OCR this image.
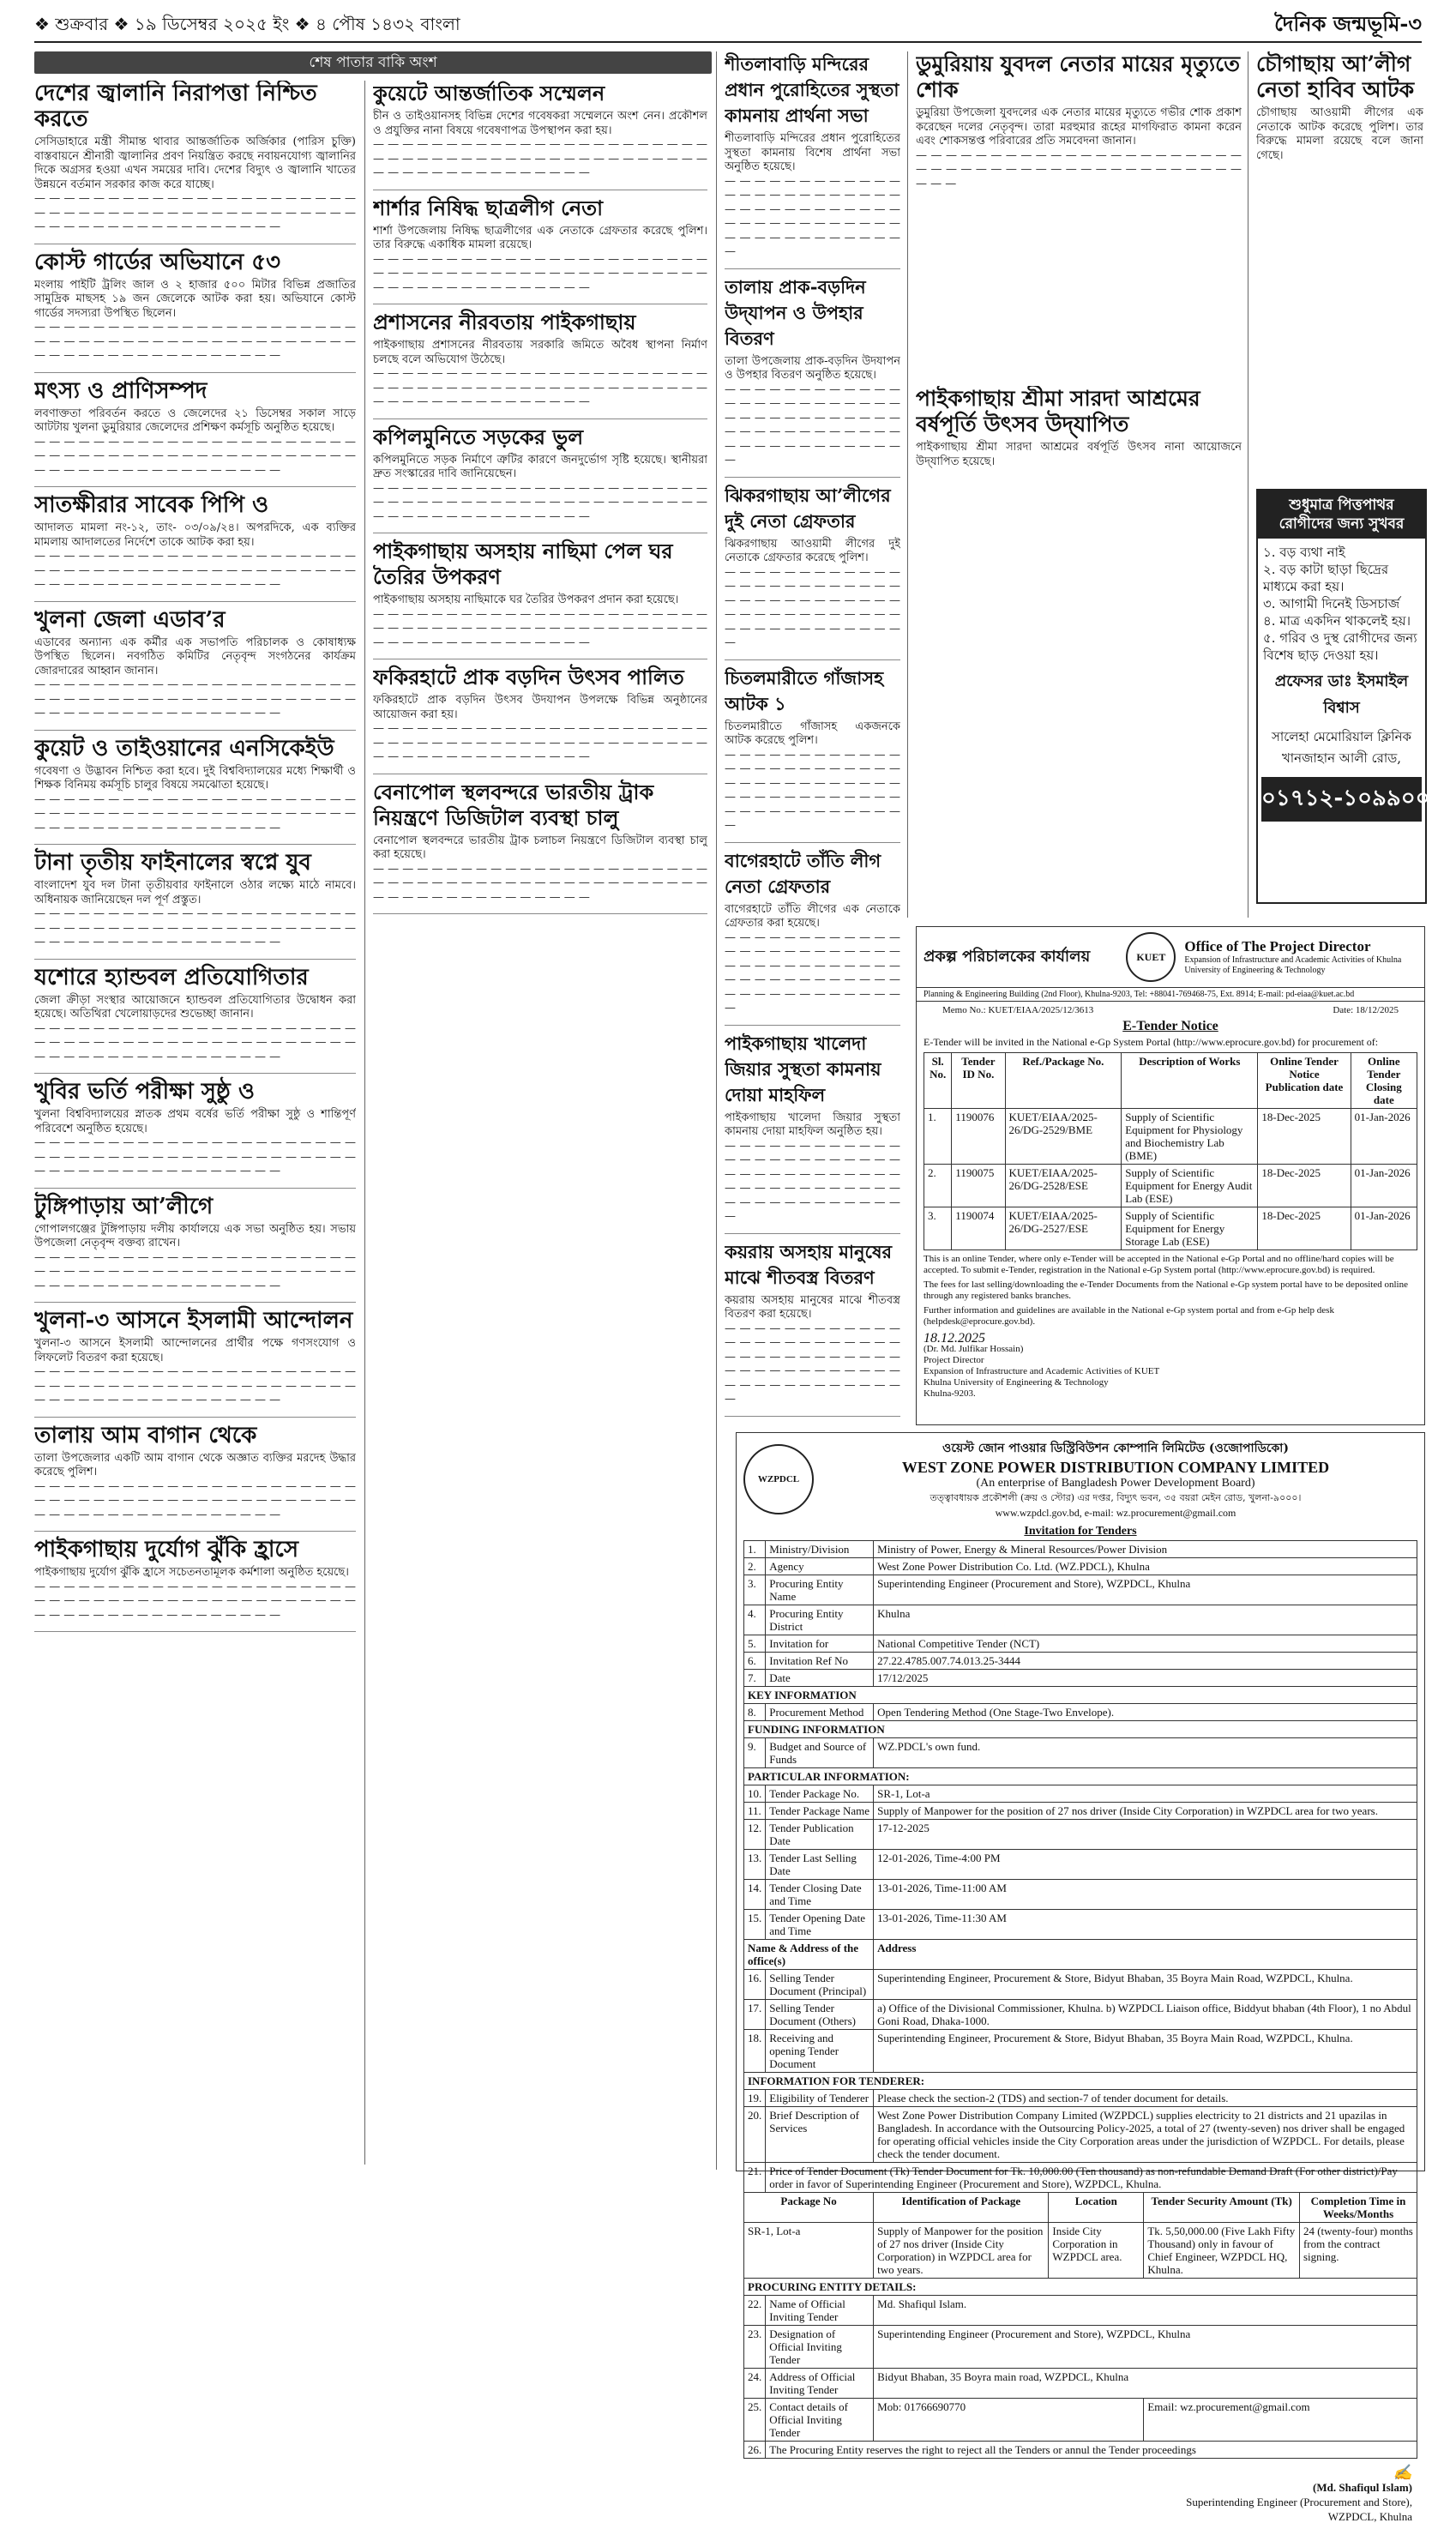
❖ শুক্রবার ❖ ১৯ ডিসেম্বর ২০২৫ ইং ❖ ৪ পৌষ ১৪৩২ বাংলা	দৈনিক জন্মভূমি-৩
শেষ পাতার বাকি অংশ
দেশের জ্বালানি নিরাপত্তা নিশ্চিত করতে

সেসিডাহারে মন্ত্রী সীমান্ত থাবার আন্তর্জাতিক অর্জিকার (পারিস চুক্তি) বাস্তবায়নে শ্রীনারী জ্বালানির প্রবণ নিয়ন্ত্রিত করছে নবায়নযোগ্য জ্বালানির দিকে অগ্রসর হওয়া এখন সময়ের দাবি। দেশের বিদ্যুৎ ও জ্বালানি খাতের উন্নয়নে বর্তমান সরকার কাজ করে যাচ্ছে।

— — — — — — — — — — — — — — — — — — — — — — — — — — — — — — — — — — — — — — — — — — — — — — — — — — — — — — — — — — — — —
কোস্ট গার্ডের অভিযানে ৫৩

মংলায় পাইটি ট্রলিং জাল ও ২ হাজার ৫০০ মিটার বিভিন্ন প্রজাতির সামুদ্রিক মাছসহ ১৯ জন জেলেকে আটক করা হয়। অভিযানে কোস্ট গার্ডের সদস্যরা উপস্থিত ছিলেন।

— — — — — — — — — — — — — — — — — — — — — — — — — — — — — — — — — — — — — — — — — — — — — — — — — — — — — — — — — — — — —
মৎস্য ও প্রাণিসম্পদ

লবণাক্ততা পরিবর্তন করতে ও জেলেদের ২১ ডিসেম্বর সকাল সাড়ে আটটায় খুলনা ডুমুরিয়ার জেলেদের প্রশিক্ষণ কর্মসূচি অনুষ্ঠিত হয়েছে।

— — — — — — — — — — — — — — — — — — — — — — — — — — — — — — — — — — — — — — — — — — — — — — — — — — — — — — — — — — — — —
সাতক্ষীরার সাবেক পিপি ও

আদালত মামলা নং-১২, তাং- ০৩/০৯/২৪। অপরদিকে, এক ব্যক্তির মামলায় আদালতের নির্দেশে তাকে আটক করা হয়।

— — — — — — — — — — — — — — — — — — — — — — — — — — — — — — — — — — — — — — — — — — — — — — — — — — — — — — — — — — — — —
খুলনা জেলা এডাব’র

এডাবের অন্যান্য এক কর্মীর এক সভাপতি পরিচালক ও কোষাধ্যক্ষ উপস্থিত ছিলেন। নবগঠিত কমিটির নেতৃবৃন্দ সংগঠনের কার্যক্রম জোরদারের আহ্বান জানান।

— — — — — — — — — — — — — — — — — — — — — — — — — — — — — — — — — — — — — — — — — — — — — — — — — — — — — — — — — — — — —
কুয়েট ও তাইওয়ানের এনসিকেইউ

গবেষণা ও উদ্ভাবন নিশ্চিত করা হবে। দুই বিশ্ববিদ্যালয়ের মধ্যে শিক্ষার্থী ও শিক্ষক বিনিময় কর্মসূচি চালুর বিষয়ে সমঝোতা হয়েছে।

— — — — — — — — — — — — — — — — — — — — — — — — — — — — — — — — — — — — — — — — — — — — — — — — — — — — — — — — — — — — —
টানা তৃতীয় ফাইনালের স্বপ্নে যুব

বাংলাদেশ যুব দল টানা তৃতীয়বার ফাইনালে ওঠার লক্ষ্যে মাঠে নামবে। অধিনায়ক জানিয়েছেন দল পূর্ণ প্রস্তুত।

— — — — — — — — — — — — — — — — — — — — — — — — — — — — — — — — — — — — — — — — — — — — — — — — — — — — — — — — — — — — —
যশোরে হ্যান্ডবল প্রতিযোগিতার

জেলা ক্রীড়া সংস্থার আয়োজনে হ্যান্ডবল প্রতিযোগিতার উদ্বোধন করা হয়েছে। অতিথিরা খেলোয়াড়দের শুভেচ্ছা জানান।

— — — — — — — — — — — — — — — — — — — — — — — — — — — — — — — — — — — — — — — — — — — — — — — — — — — — — — — — — — — — —
খুবির ভর্তি পরীক্ষা সুষ্ঠু ও

খুলনা বিশ্ববিদ্যালয়ের স্নাতক প্রথম বর্ষের ভর্তি পরীক্ষা সুষ্ঠু ও শান্তিপূর্ণ পরিবেশে অনুষ্ঠিত হয়েছে।

— — — — — — — — — — — — — — — — — — — — — — — — — — — — — — — — — — — — — — — — — — — — — — — — — — — — — — — — — — — — —
টুঙ্গিপাড়ায় আ’লীগে

গোপালগঞ্জের টুঙ্গিপাড়ায় দলীয় কার্যালয়ে এক সভা অনুষ্ঠিত হয়। সভায় উপজেলা নেতৃবৃন্দ বক্তব্য রাখেন।

— — — — — — — — — — — — — — — — — — — — — — — — — — — — — — — — — — — — — — — — — — — — — — — — — — — — — — — — — — — — —
খুলনা-৩ আসনে ইসলামী আন্দোলন

খুলনা-৩ আসনে ইসলামী আন্দোলনের প্রার্থীর পক্ষে গণসংযোগ ও লিফলেট বিতরণ করা হয়েছে।

— — — — — — — — — — — — — — — — — — — — — — — — — — — — — — — — — — — — — — — — — — — — — — — — — — — — — — — — — — — — —
তালায় আম বাগান থেকে

তালা উপজেলার একটি আম বাগান থেকে অজ্ঞাত ব্যক্তির মরদেহ উদ্ধার করেছে পুলিশ।

— — — — — — — — — — — — — — — — — — — — — — — — — — — — — — — — — — — — — — — — — — — — — — — — — — — — — — — — — — — — —
পাইকগাছায় দুর্যোগ ঝুঁকি হ্রাসে

পাইকগাছায় দুর্যোগ ঝুঁকি হ্রাসে সচেতনতামূলক কর্মশালা অনুষ্ঠিত হয়েছে।

— — — — — — — — — — — — — — — — — — — — — — — — — — — — — — — — — — — — — — — — — — — — — — — — — — — — — — — — — — — — —
কুয়েটে আন্তর্জাতিক সম্মেলন

চীন ও তাইওয়ানসহ বিভিন্ন দেশের গবেষকরা সম্মেলনে অংশ নেন। প্রকৌশল ও প্রযুক্তির নানা বিষয়ে গবেষণাপত্র উপস্থাপন করা হয়।

— — — — — — — — — — — — — — — — — — — — — — — — — — — — — — — — — — — — — — — — — — — — — — — — — — — — — — — — — — — — —
শার্শার নিষিদ্ধ ছাত্রলীগ নেতা

শার্শা উপজেলায় নিষিদ্ধ ছাত্রলীগের এক নেতাকে গ্রেফতার করেছে পুলিশ। তার বিরুদ্ধে একাধিক মামলা রয়েছে।

— — — — — — — — — — — — — — — — — — — — — — — — — — — — — — — — — — — — — — — — — — — — — — — — — — — — — — — — — — — — —
প্রশাসনের নীরবতায় পাইকগাছায়

পাইকগাছায় প্রশাসনের নীরবতায় সরকারি জমিতে অবৈধ স্থাপনা নির্মাণ চলছে বলে অভিযোগ উঠেছে।

— — — — — — — — — — — — — — — — — — — — — — — — — — — — — — — — — — — — — — — — — — — — — — — — — — — — — — — — — — — — —
কপিলমুনিতে সড়কের ভুল

কপিলমুনিতে সড়ক নির্মাণে ত্রুটির কারণে জনদুর্ভোগ সৃষ্টি হয়েছে। স্থানীয়রা দ্রুত সংস্কারের দাবি জানিয়েছেন।

— — — — — — — — — — — — — — — — — — — — — — — — — — — — — — — — — — — — — — — — — — — — — — — — — — — — — — — — — — — — —
পাইকগাছায় অসহায় নাছিমা পেল ঘর তৈরির উপকরণ

পাইকগাছায় অসহায় নাছিমাকে ঘর তৈরির উপকরণ প্রদান করা হয়েছে।

— — — — — — — — — — — — — — — — — — — — — — — — — — — — — — — — — — — — — — — — — — — — — — — — — — — — — — — — — — — — —
ফকিরহাটে প্রাক বড়দিন উৎসব পালিত

ফকিরহাটে প্রাক বড়দিন উৎসব উদযাপন উপলক্ষে বিভিন্ন অনুষ্ঠানের আয়োজন করা হয়।

— — — — — — — — — — — — — — — — — — — — — — — — — — — — — — — — — — — — — — — — — — — — — — — — — — — — — — — — — — — — —
বেনাপোল স্থলবন্দরে ভারতীয় ট্রাক নিয়ন্ত্রণে ডিজিটাল ব্যবস্থা চালু

বেনাপোল স্থলবন্দরে ভারতীয় ট্রাক চলাচল নিয়ন্ত্রণে ডিজিটাল ব্যবস্থা চালু করা হয়েছে।

— — — — — — — — — — — — — — — — — — — — — — — — — — — — — — — — — — — — — — — — — — — — — — — — — — — — — — — — — — — — —
শীতলাবাড়ি মন্দিরের প্রধান পুরোহিতের সুস্থতা কামনায় প্রার্থনা সভা

শীতলাবাড়ি মন্দিরের প্রধান পুরোহিতের সুস্থতা কামনায় বিশেষ প্রার্থনা সভা অনুষ্ঠিত হয়েছে।

— — — — — — — — — — — — — — — — — — — — — — — — — — — — — — — — — — — — — — — — — — — — — — — — — — — — — — — — — — — — —
তালায় প্রাক-বড়দিন উদ্‌যাপন ও উপহার বিতরণ

তালা উপজেলায় প্রাক-বড়দিন উদযাপন ও উপহার বিতরণ অনুষ্ঠিত হয়েছে।

— — — — — — — — — — — — — — — — — — — — — — — — — — — — — — — — — — — — — — — — — — — — — — — — — — — — — — — — — — — — —
ঝিকরগাছায় আ’লীগের দুই নেতা গ্রেফতার

ঝিকরগাছায় আওয়ামী লীগের দুই নেতাকে গ্রেফতার করেছে পুলিশ।

— — — — — — — — — — — — — — — — — — — — — — — — — — — — — — — — — — — — — — — — — — — — — — — — — — — — — — — — — — — — —
চিতলমারীতে গাঁজাসহ আটক ১

চিতলমারীতে গাঁজাসহ একজনকে আটক করেছে পুলিশ।

— — — — — — — — — — — — — — — — — — — — — — — — — — — — — — — — — — — — — — — — — — — — — — — — — — — — — — — — — — — — —
বাগেরহাটে তাঁতি লীগ নেতা গ্রেফতার

বাগেরহাটে তাঁতি লীগের এক নেতাকে গ্রেফতার করা হয়েছে।

— — — — — — — — — — — — — — — — — — — — — — — — — — — — — — — — — — — — — — — — — — — — — — — — — — — — — — — — — — — — —
পাইকগাছায় খালেদা জিয়ার সুস্থতা কামনায় দোয়া মাহফিল

পাইকগাছায় খালেদা জিয়ার সুস্থতা কামনায় দোয়া মাহফিল অনুষ্ঠিত হয়।

— — — — — — — — — — — — — — — — — — — — — — — — — — — — — — — — — — — — — — — — — — — — — — — — — — — — — — — — — — — — —
কয়রায় অসহায় মানুষের মাঝে শীতবস্ত্র বিতরণ

কয়রায় অসহায় মানুষের মাঝে শীতবস্ত্র বিতরণ করা হয়েছে।

— — — — — — — — — — — — — — — — — — — — — — — — — — — — — — — — — — — — — — — — — — — — — — — — — — — — — — — — — — — — —
ডুমুরিয়ায় যুবদল নেতার মায়ের মৃত্যুতে শোক

ডুমুরিয়া উপজেলা যুবদলের এক নেতার মায়ের মৃত্যুতে গভীর শোক প্রকাশ করেছেন দলের নেতৃবৃন্দ। তারা মরহুমার রূহের মাগফিরাত কামনা করেন এবং শোকসন্তপ্ত পরিবারের প্রতি সমবেদনা জানান।

— — — — — — — — — — — — — — — — — — — — — — — — — — — — — — — — — — — — — — — — — — — — — — —
চৌগাছায় আ’লীগ নেতা হাবিব আটক

চৌগাছায় আওয়ামী লীগের এক নেতাকে আটক করেছে পুলিশ। তার বিরুদ্ধে মামলা রয়েছে বলে জানা গেছে।

পাইকগাছায় শ্রীমা সারদা আশ্রমের বর্ষপূর্তি উৎসব উদ্‌যাপিত

পাইকগাছায় শ্রীমা সারদা আশ্রমের বর্ষপূর্তি উৎসব নানা আয়োজনে উদ্‌যাপিত হয়েছে।

শুধুমাত্র পিত্তপাথর রোগীদের জন্য সুখবর
১. বড় ব্যথা নাই
২. বড় কাটা ছাড়া ছিদ্রের মাধ্যমে করা হয়।
৩. আগামী দিনেই ডিসচার্জ
৪. মাত্র একদিন থাকলেই হয়।
৫. গরিব ও দুস্থ রোগীদের জন্য বিশেষ ছাড় দেওয়া হয়।
প্রফেসর ডাঃ ইসমাইল বিশ্বাস
সালেহা মেমোরিয়াল ক্লিনিক
খানজাহান আলী রোড,
০১৭১২-১০৯৯০০
প্রকল্প পরিচালকের কার্যালয়	KUET
Office of The Project Director
Expansion of Infrastructure and Academic Activities of Khulna University of Engineering & Technology
Planning & Engineering Building (2nd Floor), Khulna-9203, Tel: +88041-769468-75, Ext. 8914; E-mail: pd-eiaa@kuet.ac.bd
Memo No.: KUET/EIAA/2025/12/3613	Date: 18/12/2025
E-Tender Notice
E-Tender will be invited in the National e-Gp System Portal (http://www.eprocure.gov.bd) for procurement of:
Sl. No.	Tender ID No.	Ref./Package No.	Description of Works	Online Tender Notice Publication date	Online Tender Closing date
1.	1190076	KUET/EIAA/2025-26/DG-2529/BME	Supply of Scientific Equipment for Physiology and Biochemistry Lab (BME)	18-Dec-2025	01-Jan-2026
2.	1190075	KUET/EIAA/2025-26/DG-2528/ESE	Supply of Scientific Equipment for Energy Audit Lab (ESE)	18-Dec-2025	01-Jan-2026
3.	1190074	KUET/EIAA/2025-26/DG-2527/ESE	Supply of Scientific Equipment for Energy Storage Lab (ESE)	18-Dec-2025	01-Jan-2026
This is an online Tender, where only e-Tender will be accepted in the National e-Gp Portal and no offline/hard copies will be accepted. To submit e-Tender, registration in the National e-Gp System portal (http://www.eprocure.gov.bd) is required.
The fees for last selling/downloading the e-Tender Documents from the National e-Gp system portal have to be deposited online through any registered banks branches.
Further information and guidelines are available in the National e-Gp system portal and from e-Gp help desk (helpdesk@eprocure.gov.bd).
18.12.2025
(Dr. Md. Julfikar Hossain)
Project Director
Expansion of Infrastructure and Academic Activities of KUET
Khulna University of Engineering & Technology
Khulna-9203.
WZPDCL
ওয়েস্ট জোন পাওয়ার ডিস্ট্রিবিউশন কোম্পানি লিমিটেড (ওজোপাডিকো)
WEST ZONE POWER DISTRIBUTION COMPANY LIMITED
(An enterprise of Bangladesh Power Development Board)
তত্ত্বাবধায়ক প্রকৌশলী (ক্রয় ও স্টোর) এর দপ্তর, বিদ্যুৎ ভবন, ৩৫ বয়রা মেইন রোড, খুলনা-৯০০০।
www.wzpdcl.gov.bd, e-mail: wz.procurement@gmail.com
Invitation for Tenders
1.	Ministry/Division	Ministry of Power, Energy & Mineral Resources/Power Division			
2.	Agency	West Zone Power Distribution Co. Ltd. (WZ.PDCL), Khulna			
3.	Procuring Entity Name	Superintending Engineer (Procurement and Store), WZPDCL, Khulna			
4.	Procuring Entity District	Khulna			
5.	Invitation for	National Competitive Tender (NCT)			
6.	Invitation Ref No	27.22.4785.007.74.013.25-3444			
7.	Date	17/12/2025			
KEY INFORMATION					
8.	Procurement Method	Open Tendering Method (One Stage-Two Envelope).			
FUNDING INFORMATION					
9.	Budget and Source of Funds	WZ.PDCL's own fund.			
PARTICULAR INFORMATION:					
10.	Tender Package No.	SR-1, Lot-a			
11.	Tender Package Name	Supply of Manpower for the position of 27 nos driver (Inside City Corporation) in WZPDCL area for two years.			
12.	Tender Publication Date	17-12-2025			
13.	Tender Last Selling Date	12-01-2026, Time-4:00 PM			
14.	Tender Closing Date and Time	13-01-2026, Time-11:00 AM			
15.	Tender Opening Date and Time	13-01-2026, Time-11:30 AM			
Name & Address of the office(s)		Address			
16.	Selling Tender Document (Principal)	Superintending Engineer, Procurement & Store, Bidyut Bhaban, 35 Boyra Main Road, WZPDCL, Khulna.			
17.	Selling Tender Document (Others)	a) Office of the Divisional Commissioner, Khulna. b) WZPDCL Liaison office, Biddyut bhaban (4th Floor), 1 no Abdul Goni Road, Dhaka-1000.			
18.	Receiving and opening Tender Document	Superintending Engineer, Procurement & Store, Bidyut Bhaban, 35 Boyra Main Road, WZPDCL, Khulna.			
INFORMATION FOR TENDERER:					
19.	Eligibility of Tenderer	Please check the section-2 (TDS) and section-7 of tender document for details.			
20.	Brief Description of Services	West Zone Power Distribution Company Limited (WZPDCL) supplies electricity to 21 districts and 21 upazilas in Bangladesh. In accordance with the Outsourcing Policy-2025, a total of 27 (twenty-seven) nos driver shall be engaged for operating official vehicles inside the City Corporation areas under the jurisdiction of WZPDCL. For details, please check the tender document.			
21.	Price of Tender Document (Tk) Tender Document for Tk. 10,000.00 (Ten thousand) as non-refundable Demand Draft (For other district)/Pay order in favor of Superintending Engineer (Procurement and Store), WZPDCL, Khulna.				
Package No		Identification of Package	Location	Tender Security Amount (Tk)	Completion Time in Weeks/Months
SR-1, Lot-a		Supply of Manpower for the position of 27 nos driver (Inside City Corporation) in WZPDCL area for two years.	Inside City Corporation in WZPDCL area.	Tk. 5,50,000.00 (Five Lakh Fifty Thousand) only in favour of Chief Engineer, WZPDCL HQ, Khulna.	24 (twenty-four) months from the contract signing.
PROCURING ENTITY DETAILS:					
22.	Name of Official Inviting Tender	Md. Shafiqul Islam.			
23.	Designation of Official Inviting Tender	Superintending Engineer (Procurement and Store), WZPDCL, Khulna			
24.	Address of Official Inviting Tender	Bidyut Bhaban, 35 Boyra main road, WZPDCL, Khulna			
25.	Contact details of Official Inviting Tender	Mob: 01766690770		Email: wz.procurement@gmail.com	
26.	The Procuring Entity reserves the right to reject all the Tenders or annul the Tender proceedings				
✍
(Md. Shafiqul Islam)
Superintending Engineer (Procurement and Store),
WZPDCL, Khulna
